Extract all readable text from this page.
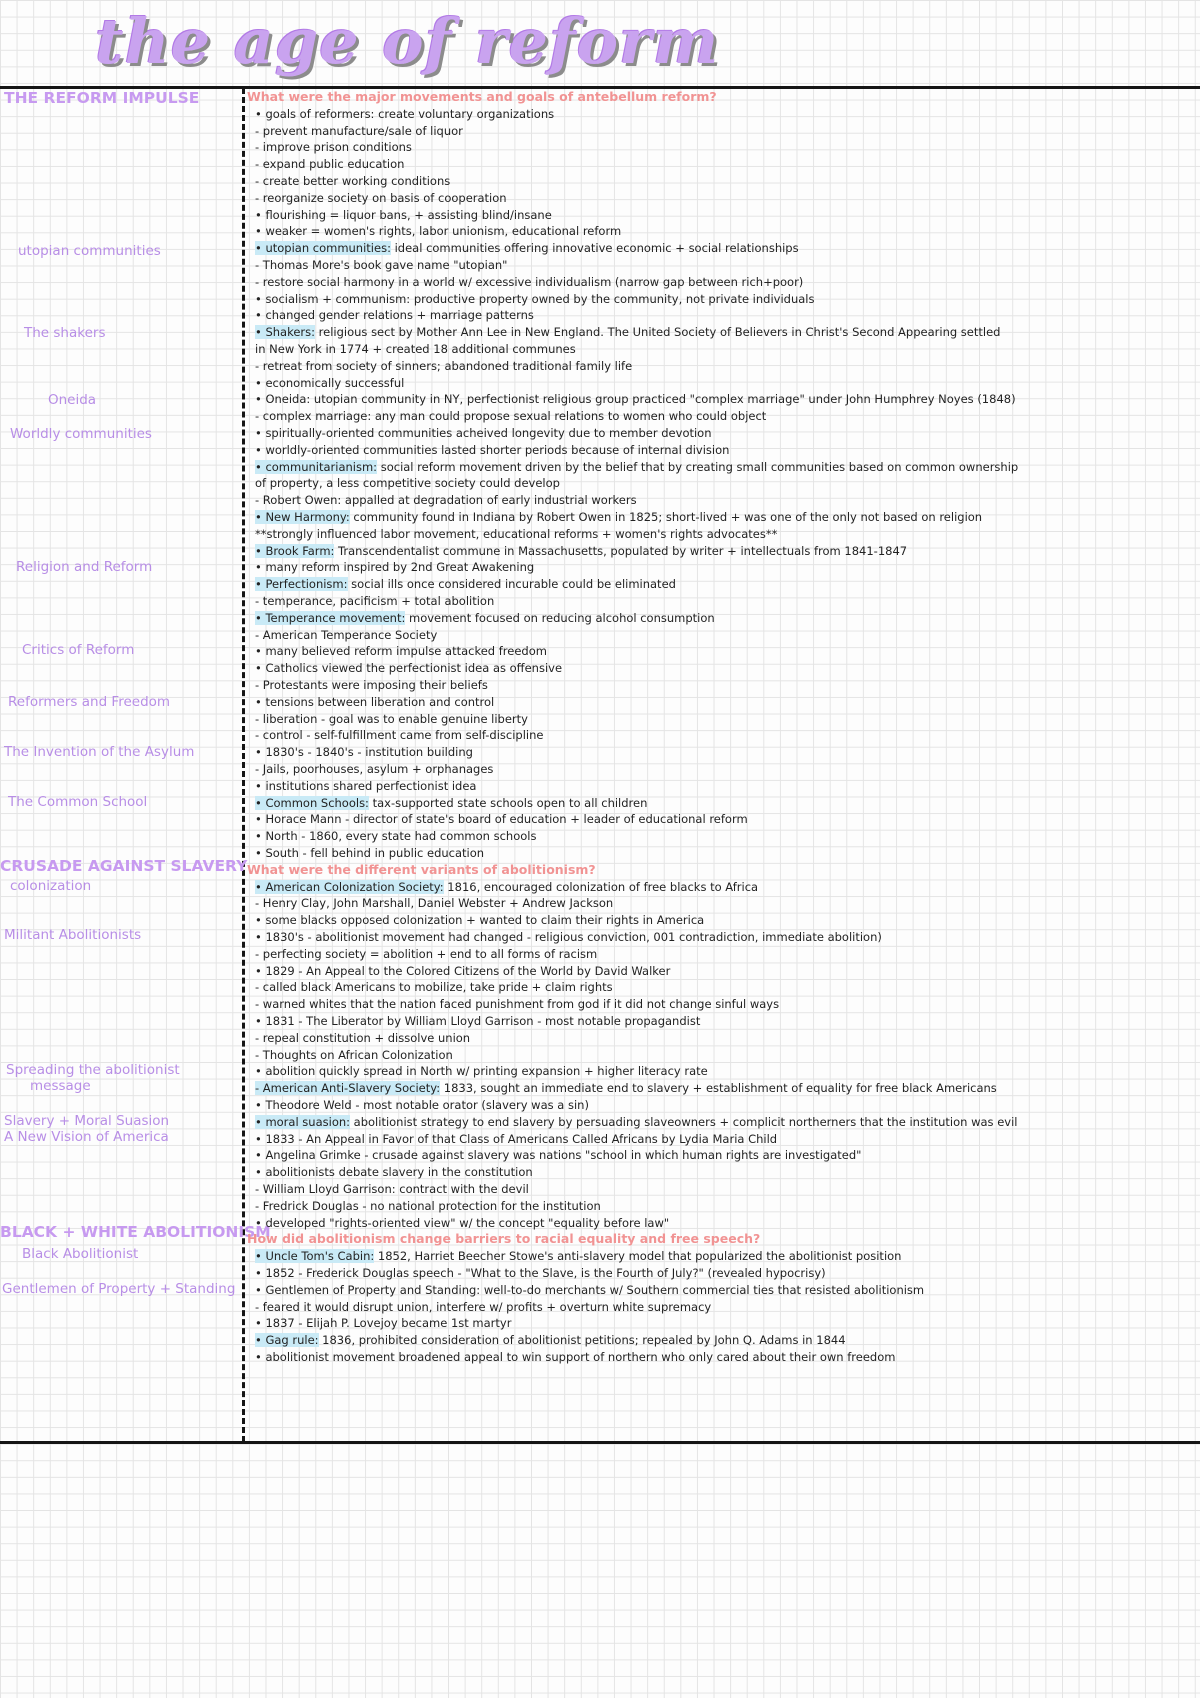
the age of reform
THE REFORM IMPULSE
utopian communities
The shakers
Oneida
Worldly communities
Religion and Reform
Critics of Reform
Reformers and Freedom
The Invention of the Asylum
The Common School
CRUSADE AGAINST SLAVERY
colonization
Militant Abolitionists
Spreading the abolitionist
message
Slavery + Moral Suasion
A New Vision of America
BLACK + WHITE ABOLITIONISM
Black Abolitionist
Gentlemen of Property + Standing
What were the major movements and goals of antebellum reform?
• goals of reformers: create voluntary organizations
- prevent manufacture/sale of liquor
- improve prison conditions
- expand public education
- create better working conditions
- reorganize society on basis of cooperation
• flourishing = liquor bans, + assisting blind/insane
• weaker = women's rights, labor unionism, educational reform
• utopian communities: ideal communities offering innovative economic + social relationships
- Thomas More's book gave name "utopian"
- restore social harmony in a world w/ excessive individualism (narrow gap between rich+poor)
• socialism + communism: productive property owned by the community, not private individuals
• changed gender relations + marriage patterns
• Shakers: religious sect by Mother Ann Lee in New England. The United Society of Believers in Christ's Second Appearing settled
in New York in 1774 + created 18 additional communes
- retreat from society of sinners; abandoned traditional family life
• economically successful
• Oneida: utopian community in NY, perfectionist religious group practiced "complex marriage" under John Humphrey Noyes (1848)
- complex marriage: any man could propose sexual relations to women who could object
• spiritually-oriented communities acheived longevity due to member devotion
• worldly-oriented communities lasted shorter periods because of internal division
• communitarianism: social reform movement driven by the belief that by creating small communities based on common ownership
of property, a less competitive society could develop
- Robert Owen: appalled at degradation of early industrial workers
• New Harmony: community found in Indiana by Robert Owen in 1825; short-lived + was one of the only not based on religion
**strongly influenced labor movement, educational reforms + women's rights advocates**
• Brook Farm: Transcendentalist commune in Massachusetts, populated by writer + intellectuals from 1841-1847
• many reform inspired by 2nd Great Awakening
• Perfectionism: social ills once considered incurable could be eliminated
- temperance, pacificism + total abolition
• Temperance movement: movement focused on reducing alcohol consumption
- American Temperance Society
• many believed reform impulse attacked freedom
• Catholics viewed the perfectionist idea as offensive
- Protestants were imposing their beliefs
• tensions between liberation and control
- liberation - goal was to enable genuine liberty
- control - self-fulfillment came from self-discipline
• 1830's - 1840's - institution building
- Jails, poorhouses, asylum + orphanages
• institutions shared perfectionist idea
• Common Schools: tax-supported state schools open to all children
• Horace Mann - director of state's board of education + leader of educational reform
• North - 1860, every state had common schools
• South - fell behind in public education
What were the different variants of abolitionism?
• American Colonization Society: 1816, encouraged colonization of free blacks to Africa
- Henry Clay, John Marshall, Daniel Webster + Andrew Jackson
• some blacks opposed colonization + wanted to claim their rights in America
• 1830's - abolitionist movement had changed - religious conviction, 001 contradiction, immediate abolition)
- perfecting society = abolition + end to all forms of racism
• 1829 - An Appeal to the Colored Citizens of the World by David Walker
- called black Americans to mobilize, take pride + claim rights
- warned whites that the nation faced punishment from god if it did not change sinful ways
• 1831 - The Liberator by William Lloyd Garrison - most notable propagandist
- repeal constitution + dissolve union
- Thoughts on African Colonization
• abolition quickly spread in North w/ printing expansion + higher literacy rate
- American Anti-Slavery Society: 1833, sought an immediate end to slavery + establishment of equality for free black Americans
• Theodore Weld - most notable orator (slavery was a sin)
• moral suasion: abolitionist strategy to end slavery by persuading slaveowners + complicit northerners that the institution was evil
• 1833 - An Appeal in Favor of that Class of Americans Called Africans by Lydia Maria Child
• Angelina Grimke - crusade against slavery was nations "school in which human rights are investigated"
• abolitionists debate slavery in the constitution
- William Lloyd Garrison: contract with the devil
- Fredrick Douglas - no national protection for the institution
• developed "rights-oriented view" w/ the concept "equality before law"
How did abolitionism change barriers to racial equality and free speech?
• Uncle Tom's Cabin: 1852, Harriet Beecher Stowe's anti-slavery model that popularized the abolitionist position
• 1852 - Frederick Douglas speech - "What to the Slave, is the Fourth of July?" (revealed hypocrisy)
• Gentlemen of Property and Standing: well-to-do merchants w/ Southern commercial ties that resisted abolitionism
- feared it would disrupt union, interfere w/ profits + overturn white supremacy
• 1837 - Elijah P. Lovejoy became 1st martyr
• Gag rule: 1836, prohibited consideration of abolitionist petitions; repealed by John Q. Adams in 1844
• abolitionist movement broadened appeal to win support of northern who only cared about their own freedom
